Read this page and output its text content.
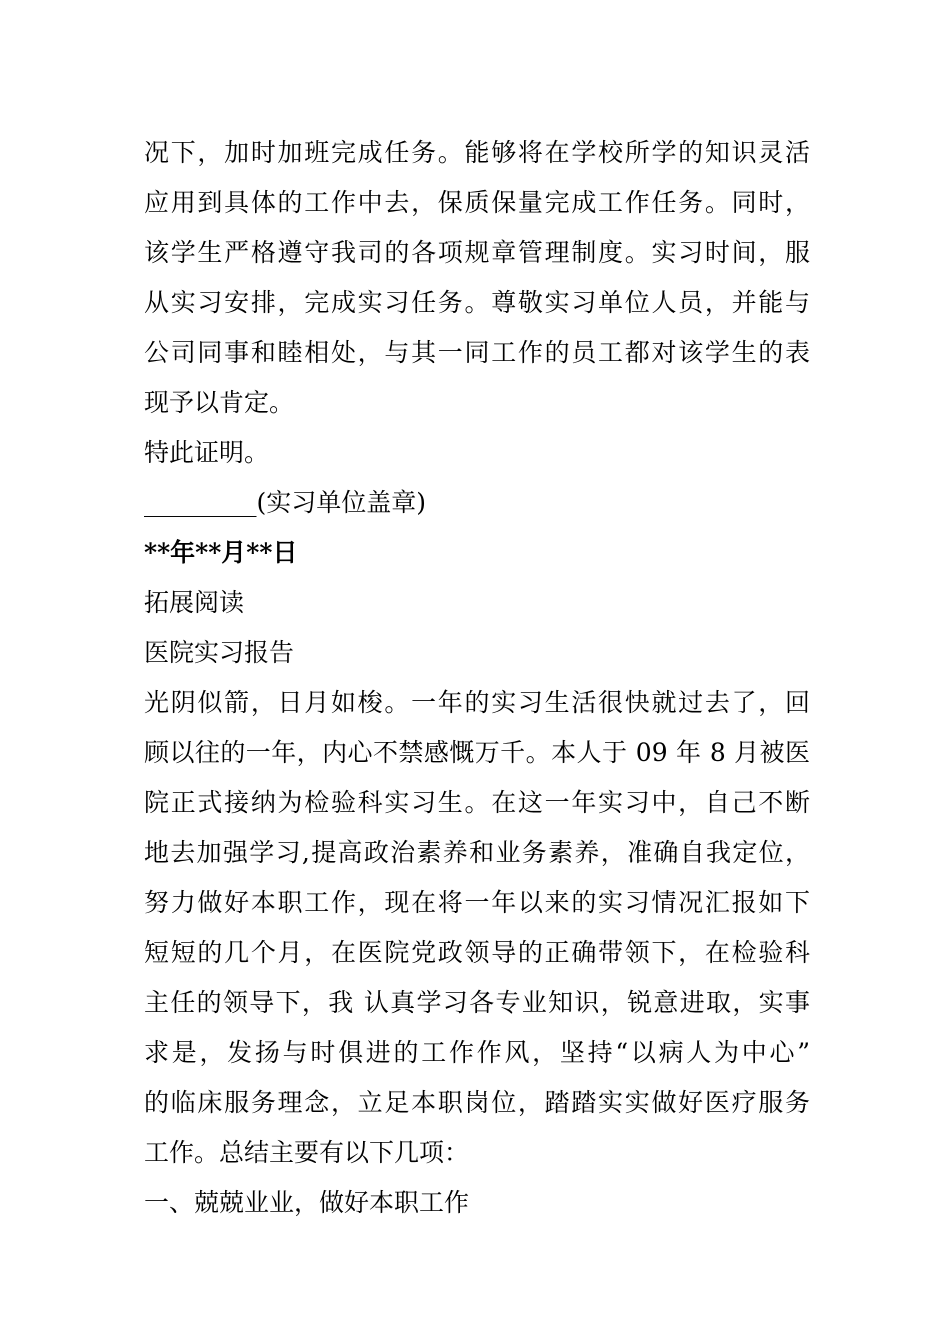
况下，加时加班完成任务。能够将在学校所学的知识灵活
应用到具体的工作中去，保质保量完成工作任务。同时，
该学生严格遵守我司的各项规章管理制度。实习时间，服
从实习安排，完成实习任务。尊敬实习单位人员，并能与
公司同事和睦相处，与其一同工作的员工都对该学生的表
现予以肯定。
特此证明。
_________(实习单位盖章)
**年**月**日
拓展阅读
医院实习报告
光阴似箭，日月如梭。一年的实习生活很快就过去了，回
顾以往的一年，内心不禁感慨万千。本人于 09 年 8 月被医
院正式接纳为检验科实习生。在这一年实习中，自己不断
地去加强学习,提高政治素养和业务素养，准确自我定位，
努力做好本职工作，现在将一年以来的实习情况汇报如下
短短的几个月，在医院党政领导的正确带领下，在检验科
主任的领导下，我 认真学习各专业知识，锐意进取，实事
求是，发扬与时俱进的工作作风，坚持“以病人为中心”
的临床服务理念，立足本职岗位，踏踏实实做好医疗服务
工作。总结主要有以下几项：
一、兢兢业业，做好本职工作
